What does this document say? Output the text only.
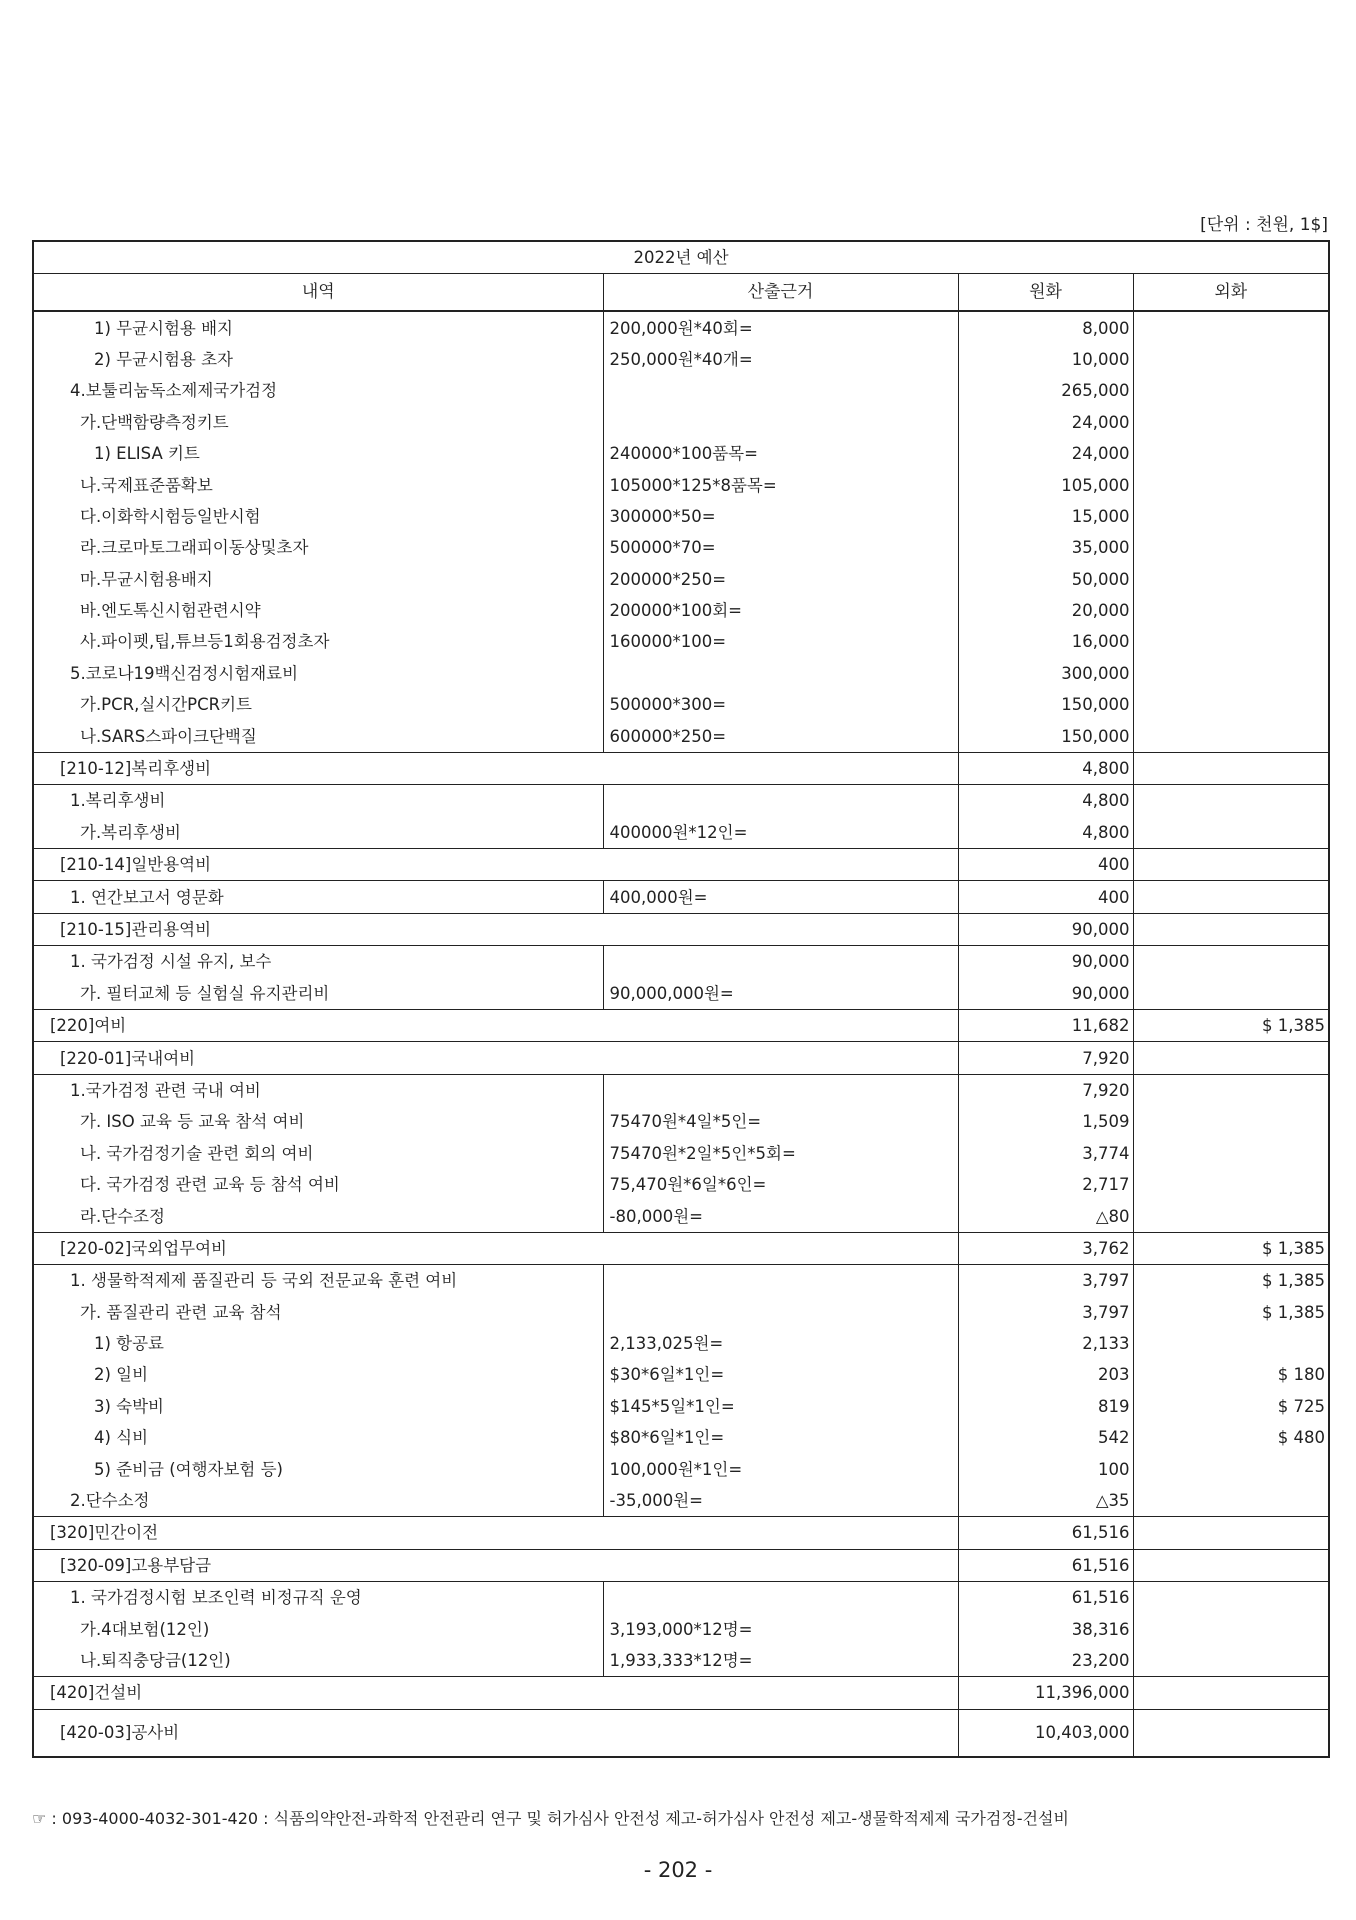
[단위 : 천원, 1$]
2022년 예산			
내역	산출근거	원화	외화
1) 무균시험용 배지	200,000원*40회=	8,000	
2) 무균시험용 초자	250,000원*40개=	10,000	
4.보툴리눔독소제제국가검정		265,000	
가.단백함량측정키트		24,000	
1) ELISA 키트	240000*100품목=	24,000	
나.국제표준품확보	105000*125*8품목=	105,000	
다.이화학시험등일반시험	300000*50=	15,000	
라.크로마토그래피이동상및초자	500000*70=	35,000	
마.무균시험용배지	200000*250=	50,000	
바.엔도톡신시험관련시약	200000*100회=	20,000	
사.파이펫,팁,튜브등1회용검정초자	160000*100=	16,000	
5.코로나19백신검정시험재료비		300,000	
가.PCR,실시간PCR키트	500000*300=	150,000	
나.SARS스파이크단백질	600000*250=	150,000	
[210-12]복리후생비		4,800	
1.복리후생비		4,800	
가.복리후생비	400000원*12인=	4,800	
[210-14]일반용역비		400	
1. 연간보고서 영문화	400,000원=	400	
[210-15]관리용역비		90,000	
1. 국가검정 시설 유지, 보수		90,000	
가. 필터교체 등 실험실 유지관리비	90,000,000원=	90,000	
[220]여비		11,682	$ 1,385
[220-01]국내여비		7,920	
1.국가검정 관련 국내 여비		7,920	
가. ISO 교육 등 교육 참석 여비	75470원*4일*5인=	1,509	
나. 국가검정기술 관련 회의 여비	75470원*2일*5인*5회=	3,774	
다. 국가검정 관련 교육 등 참석 여비	75,470원*6일*6인=	2,717	
라.단수조정	-80,000원=	△80	
[220-02]국외업무여비		3,762	$ 1,385
1. 생물학적제제 품질관리 등 국외 전문교육 훈련 여비		3,797	$ 1,385
가. 품질관리 관련 교육 참석		3,797	$ 1,385
1) 항공료	2,133,025원=	2,133	
2) 일비	$30*6일*1인=	203	$ 180
3) 숙박비	$145*5일*1인=	819	$ 725
4) 식비	$80*6일*1인=	542	$ 480
5) 준비금 (여행자보험 등)	100,000원*1인=	100	
2.단수소정	-35,000원=	△35	
[320]민간이전		61,516	
[320-09]고용부담금		61,516	
1. 국가검정시험 보조인력 비정규직 운영		61,516	
가.4대보험(12인)	3,193,000*12명=	38,316	
나.퇴직충당금(12인)	1,933,333*12명=	23,200	
[420]건설비		11,396,000	
[420-03]공사비		10,403,000	
☞ : 093-4000-4032-301-420 : 식품의약안전-과학적 안전관리 연구 및 허가심사 안전성 제고-허가심사 안전성 제고-생물학적제제 국가검정-건설비
- 202 -
